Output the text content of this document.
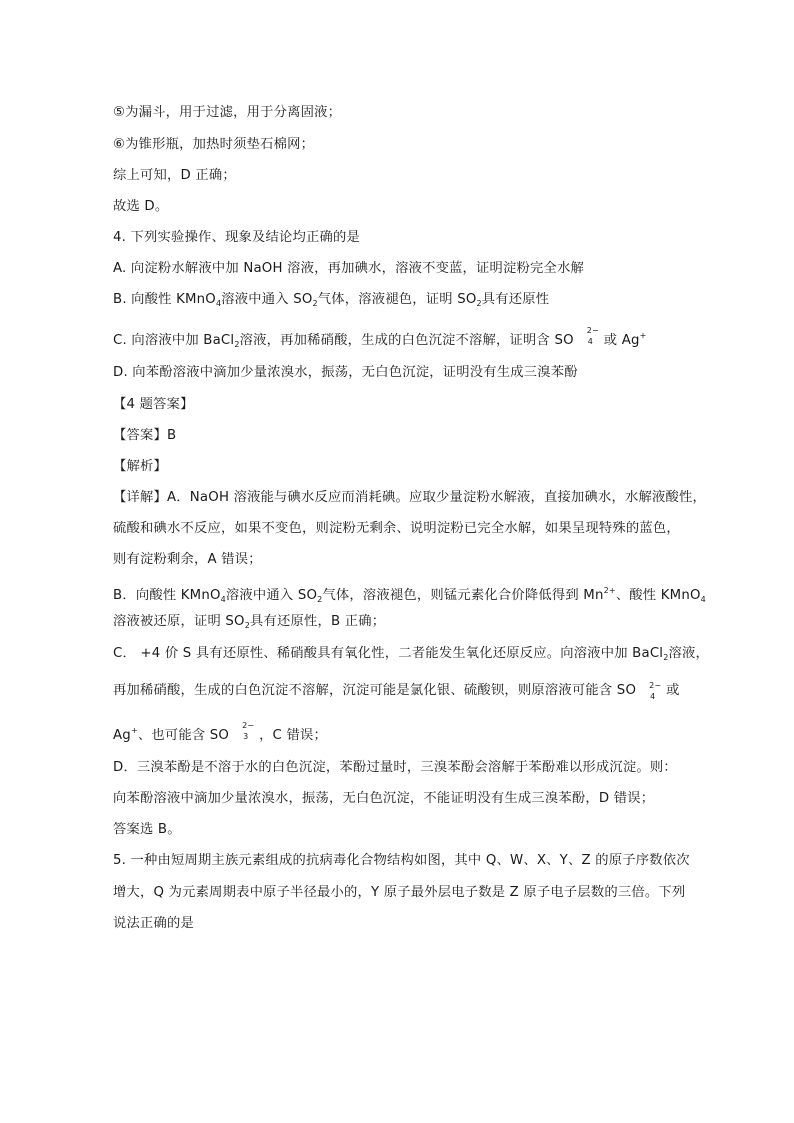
⑤为漏斗，用于过滤，用于分离固液；
⑥为锥形瓶，加热时须垫石棉网；
综上可知，D 正确；
故选 D。
4. 下列实验操作、现象及结论均正确的是
A. 向淀粉水解液中加 NaOH 溶液，再加碘水，溶液不变蓝，证明淀粉完全水解
B. 向酸性 KMnO$_4$溶液中通入 $SO_2$气体，溶液褪色，证明 $SO_2$具有还原性
C. 向溶液中加 BaCl$_2$溶液，再加稀硝酸，生成的白色沉淀不溶解，证明含 SO
2−
4 或 Ag+
D. 向苯酚溶液中滴加少量浓溴水，振荡，无白色沉淀，证明没有生成三溴苯酚
【4 题答案】
【答案】B
【解析】
【详解】A．NaOH 溶液能与碘水反应而消耗碘。应取少量淀粉水解液，直接加碘水，水解液酸性，
硫酸和碘水不反应，如果不变色，则淀粉无剩余、说明淀粉已完全水解，如果呈现特殊的蓝色，
则有淀粉剩余，A 错误；
B．向酸性 KMnO$_4$溶液中通入 $SO_2$气体，溶液褪色，则锰元素化合价降低得到 $Mn^{2+}$、酸性 KMnO$_4$
溶液被还原，证明 $SO_2$具有还原性，B 正确；
C． +4 价 S 具有还原性、稀硝酸具有氧化性，二者能发生氧化还原反应。向溶液中加 BaCl$_2$溶液，
再加稀硝酸，生成的白色沉淀不溶解，沉淀可能是氯化银、硫酸钡，则原溶液可能含 SO 2−
4 或
Ag+、也可能含 SO
2−
3 ，C 错误；
D．三溴苯酚是不溶于水的白色沉淀，苯酚过量时，三溴苯酚会溶解于苯酚难以形成沉淀。则：
向苯酚溶液中滴加少量浓溴水，振荡，无白色沉淀，不能证明没有生成三溴苯酚，D 错误；
答案选 B。
5. 一种由短周期主族元素组成的抗病毒化合物结构如图，其中 Q、W、X、Y、Z 的原子序数依次
增大，Q 为元素周期表中原子半径最小的，Y 原子最外层电子数是 Z 原子电子层数的三倍。下列
说法正确的是
